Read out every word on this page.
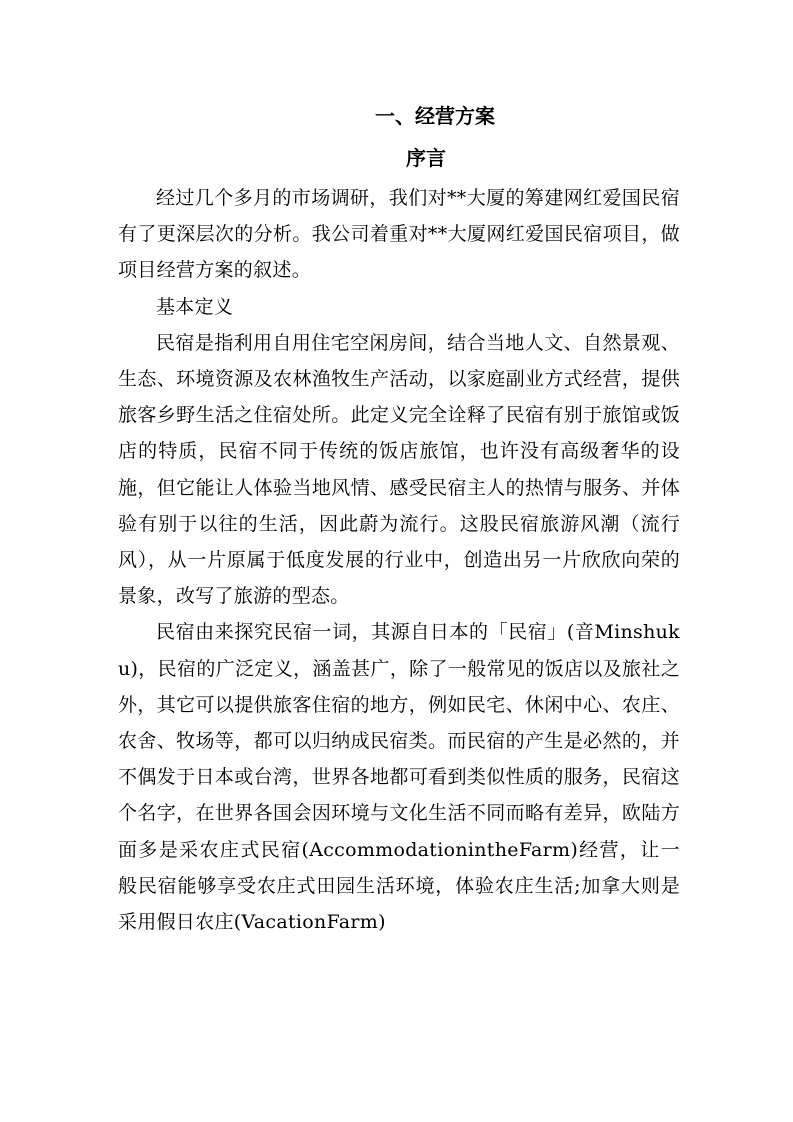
一、经营方案
序言

经过几个多月的市场调研，我们对**大厦的筹建网红爱国民宿有了更深层次的分析。我公司着重对**大厦网红爱国民宿项目，做项目经营方案的叙述。

基本定义

民宿是指利用自用住宅空闲房间，结合当地人文、自然景观、生态、环境资源及农林渔牧生产活动，以家庭副业方式经营，提供旅客乡野生活之住宿处所。此定义完全诠释了民宿有别于旅馆或饭店的特质，民宿不同于传统的饭店旅馆，也许没有高级奢华的设施，但它能让人体验当地风情、感受民宿主人的热情与服务、并体验有别于以往的生活，因此蔚为流行。这股民宿旅游风潮（流行风），从一片原属于低度发展的行业中，创造出另一片欣欣向荣的景象，改写了旅游的型态。

民宿由来探究民宿一词，其源自日本的「民宿」(音Minshuku)，民宿的广泛定义，涵盖甚广，除了一般常见的饭店以及旅社之外，其它可以提供旅客住宿的地方，例如民宅、休闲中心、农庄、农舍、牧场等，都可以归纳成民宿类。而民宿的产生是必然的，并不偶发于日本或台湾，世界各地都可看到类似性质的服务，民宿这个名字，在世界各国会因环境与文化生活不同而略有差异，欧陆方面多是采农庄式民宿(AccommodationintheFarm)经营，让一般民宿能够享受农庄式田园生活环境，体验农庄生活;加拿大则是采用假日农庄(VacationFarm)
